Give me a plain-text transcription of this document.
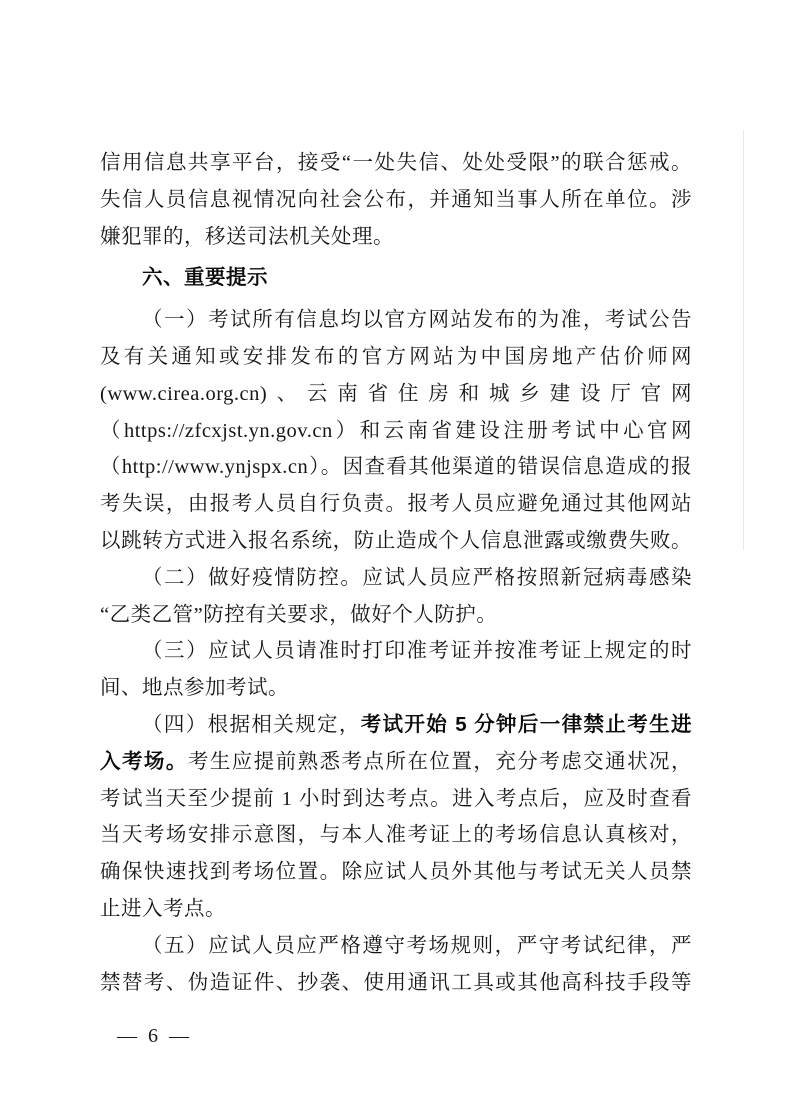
信用信息共享平台，接受“一处失信、处处受限”的联合惩戒。

失信人员信息视情况向社会公布，并通知当事人所在单位。涉

嫌犯罪的，移送司法机关处理。

六、重要提示

（一）考试所有信息均以官方网站发布的为准，考试公告

及有关通知或安排发布的官方网站为中国房地产估价师网

(www.cirea.org.cn)、云南省住房和城乡建设厅官网

（https://zfcxjst.yn.gov.cn）和云南省建设注册考试中心官网

（http://www.ynjspx.cn）。因查看其他渠道的错误信息造成的报

考失误，由报考人员自行负责。报考人员应避免通过其他网站

以跳转方式进入报名系统，防止造成个人信息泄露或缴费失败。

（二）做好疫情防控。应试人员应严格按照新冠病毒感染

“乙类乙管”防控有关要求，做好个人防护。

（三）应试人员请准时打印准考证并按准考证上规定的时

间、地点参加考试。

（四）根据相关规定，考试开始 5 分钟后一律禁止考生进

入考场。考生应提前熟悉考点所在位置，充分考虑交通状况，

考试当天至少提前 1 小时到达考点。进入考点后，应及时查看

当天考场安排示意图，与本人准考证上的考场信息认真核对，

确保快速找到考场位置。除应试人员外其他与考试无关人员禁

止进入考点。

（五）应试人员应严格遵守考场规则，严守考试纪律，严

禁替考、伪造证件、抄袭、使用通讯工具或其他高科技手段等

— 6 —
